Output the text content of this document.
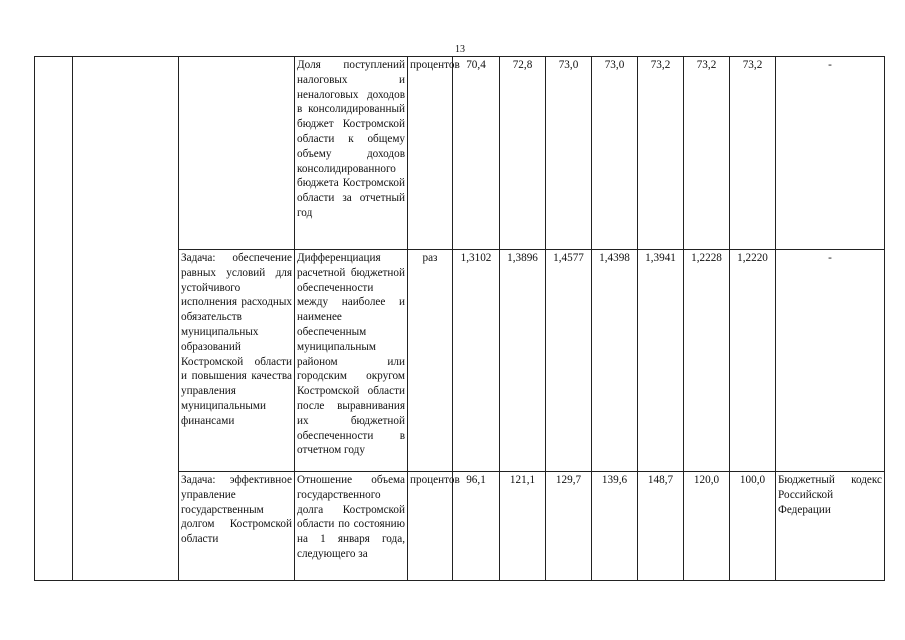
13
			Доля поступлений налоговых и неналоговых доходов в консолидированный бюджет Костромской области к общему объему доходов консолидированного бюджета Костромской области за отчетный год	процентов	70,4	72,8	73,0	73,0	73,2	73,2	73,2	-
		Задача: обеспечение равных условий для устойчивого исполнения расходных обязательств муниципальных образований Костромской области и повышения качества управления муниципальными финансами	Дифференциация расчетной бюджетной обеспеченности между наиболее и наименее обеспеченным муниципальным районом или городским округом Костромской области после выравнивания их бюджетной обеспеченности в отчетном году	раз	1,3102	1,3896	1,4577	1,4398	1,3941	1,2228	1,2220	-
		Задача: эффективное управление государственным долгом Костромской области	Отношение объема государственного долга Костромской области по состоянию на 1 января года, следующего за	процентов	96,1	121,1	129,7	139,6	148,7	120,0	100,0	Бюджетный кодекс Российской Федерации
